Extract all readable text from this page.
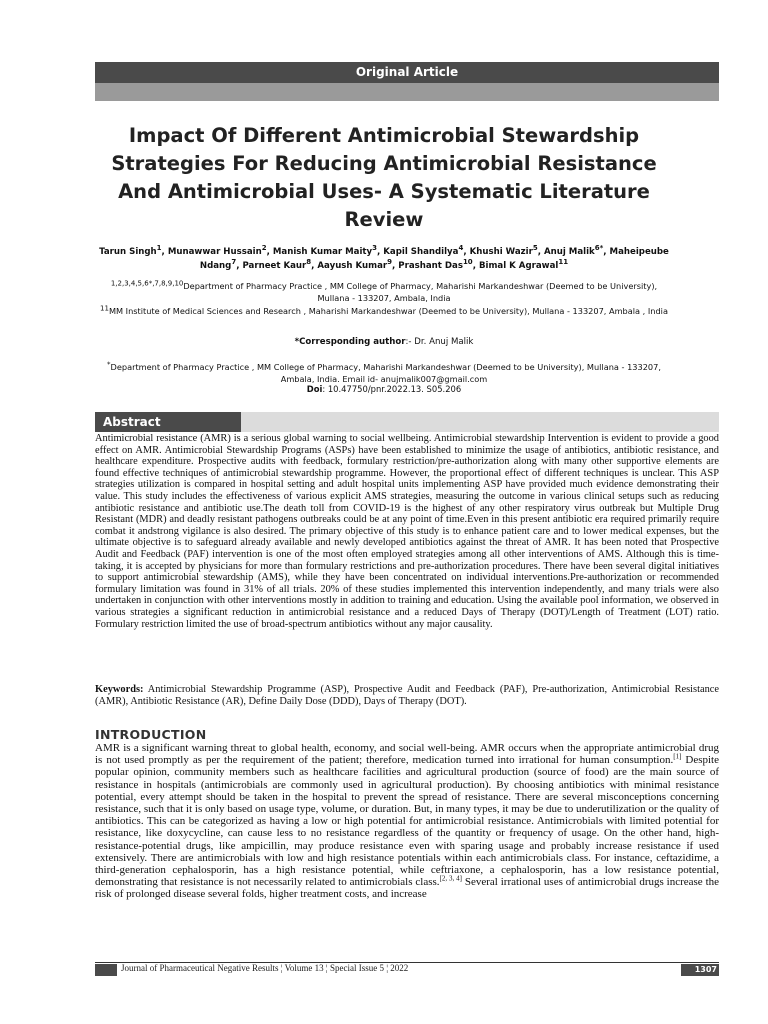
Original Article
Impact Of Different Antimicrobial Stewardship Strategies For Reducing Antimicrobial Resistance And Antimicrobial Uses- A Systematic Literature Review
Tarun Singh$^1$, Munawwar Hussain$^2$, Manish Kumar Maity$^3$, Kapil Shandilya$^4$, Khushi Wazir$^5$, Anuj Malik$^{6*}$, Maheipeube Ndang$^7$, Parneet Kaur$^8$, Aayush Kumar$^9$, Prashant Das$^{10}$, Bimal K Agrawal$^{11}$
$^{1,2,3,4,5,6*,7,8,9,10}$Department of Pharmacy Practice , MM College of Pharmacy, Maharishi Markandeshwar (Deemed to be University), Mullana - 133207, Ambala, India
$^{11}$MM Institute of Medical Sciences and Research , Maharishi Markandeshwar (Deemed to be University), Mullana - 133207, Ambala , India
*Corresponding author:- Dr. Anuj Malik
*Department of Pharmacy Practice , MM College of Pharmacy, Maharishi Markandeshwar (Deemed to be University), Mullana - 133207, Ambala, India. Email id- anujmalik007@gmail.com
Doi: 10.47750/pnr.2022.13. S05.206
Abstract

Antimicrobial resistance (AMR) is a serious global warning to social wellbeing. Antimicrobial stewardship Intervention is evident to provide a good effect on AMR. Antimicrobial Stewardship Programs (ASPs) have been established to minimize the usage of antibiotics, antibiotic resistance, and healthcare expenditure. Prospective audits with feedback, formulary restriction/pre-authorization along with many other supportive elements are found effective techniques of antimicrobial stewardship programme. However, the proportional effect of different techniques is unclear. This ASP strategies utilization is compared in hospital setting and adult hospital units implementing ASP have provided much evidence demonstrating their value. This study includes the effectiveness of various explicit AMS strategies, measuring the outcome in various clinical setups such as reducing antibiotic resistance and antibiotic use.The death toll from COVID-19 is the highest of any other respiratory virus outbreak but Multiple Drug Resistant (MDR) and deadly resistant pathogens outbreaks could be at any point of time.Even in this present antibiotic era required primarily require combat it andstrong vigilance is also desired. The primary objective of this study is to enhance patient care and to lower medical expenses, but the ultimate objective is to safeguard already available and newly developed antibiotics against the threat of AMR. It has been noted that Prospective Audit and Feedback (PAF) intervention is one of the most often employed strategies among all other interventions of AMS. Although this is time-taking, it is accepted by physicians for more than formulary restrictions and pre-authorization procedures. There have been several digital initiatives to support antimicrobial stewardship (AMS), while they have been concentrated on individual interventions.Pre-authorization or recommended formulary limitation was found in 31% of all trials. 20% of these studies implemented this intervention independently, and many trials were also undertaken in conjunction with other interventions mostly in addition to training and education. Using the available pool information, we observed in various strategies a significant reduction in antimicrobial resistance and a reduced Days of Therapy (DOT)/Length of Treatment (LOT) ratio. Formulary restriction limited the use of broad-spectrum antibiotics without any major causality.

Keywords: Antimicrobial Stewardship Programme (ASP), Prospective Audit and Feedback (PAF), Pre-authorization, Antimicrobial Resistance (AMR), Antibiotic Resistance (AR), Define Daily Dose (DDD), Days of Therapy (DOT).

INTRODUCTION

AMR is a significant warning threat to global health, economy, and social well-being. AMR occurs when the appropriate antimicrobial drug is not used promptly as per the requirement of the patient; therefore, medication turned into irrational for human consumption.[1] Despite popular opinion, community members such as healthcare facilities and agricultural production (source of food) are the main source of resistance in hospitals (antimicrobials are commonly used in agricultural production). By choosing antibiotics with minimal resistance potential, every attempt should be taken in the hospital to prevent the spread of resistance. There are several misconceptions concerning resistance, such that it is only based on usage type, volume, or duration. But, in many types, it may be due to underutilization or the quality of antibiotics. This can be categorized as having a low or high potential for antimicrobial resistance. Antimicrobials with limited potential for resistance, like doxycycline, can cause less to no resistance regardless of the quantity or frequency of usage. On the other hand, high-resistance-potential drugs, like ampicillin, may produce resistance even with sparing usage and probably increase resistance if used extensively. There are antimicrobials with low and high resistance potentials within each antimicrobials class. For instance, ceftazidime, a third-generation cephalosporin, has a high resistance potential, while ceftriaxone, a cephalosporin, has a low resistance potential, demonstrating that resistance is not necessarily related to antimicrobials class.[2, 3, 4] Several irrational uses of antimicrobial drugs increase the risk of prolonged disease several folds, higher treatment costs, and increase

Journal of Pharmaceutical Negative Results ¦ Volume 13 ¦ Special Issue 5 ¦ 2022	1307
